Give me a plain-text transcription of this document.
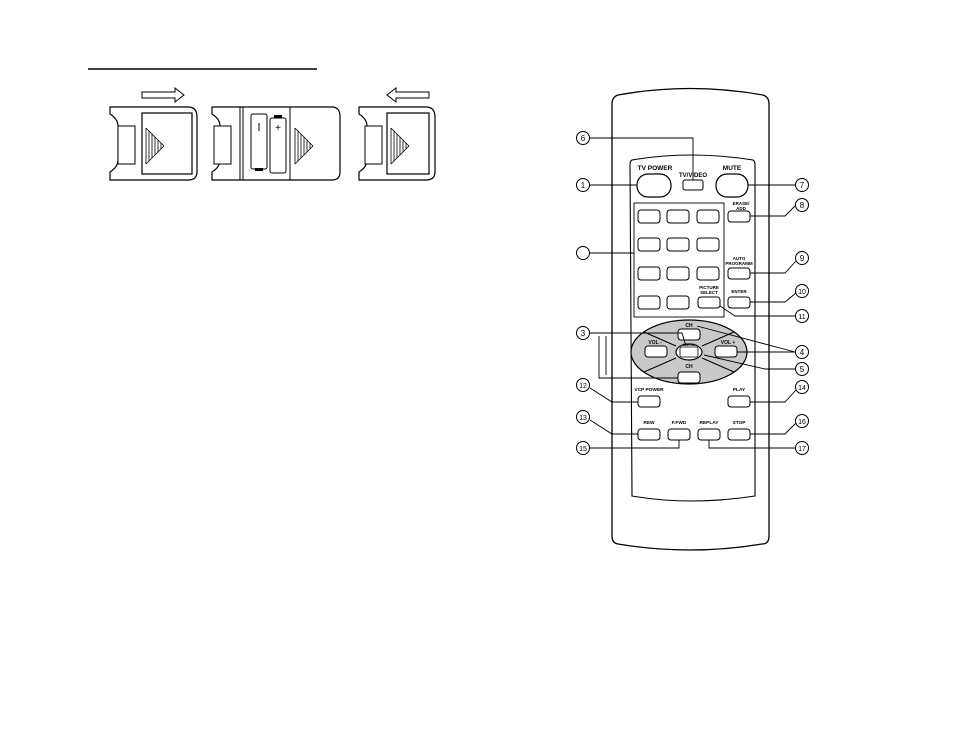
+
TV POWER
TV/VIDEO
MUTE
ERASE/ ADD
AUTO PROGRAMM
PICTURE SELECT	ENTER
CH
VOL -	MENU	VOL +
CH
VCP POWER	PLAY
REW	F.FWD	REPLAY	STOP
6
1
3
12
13
15
7
8
9
10
11
4
5
14
16
17
